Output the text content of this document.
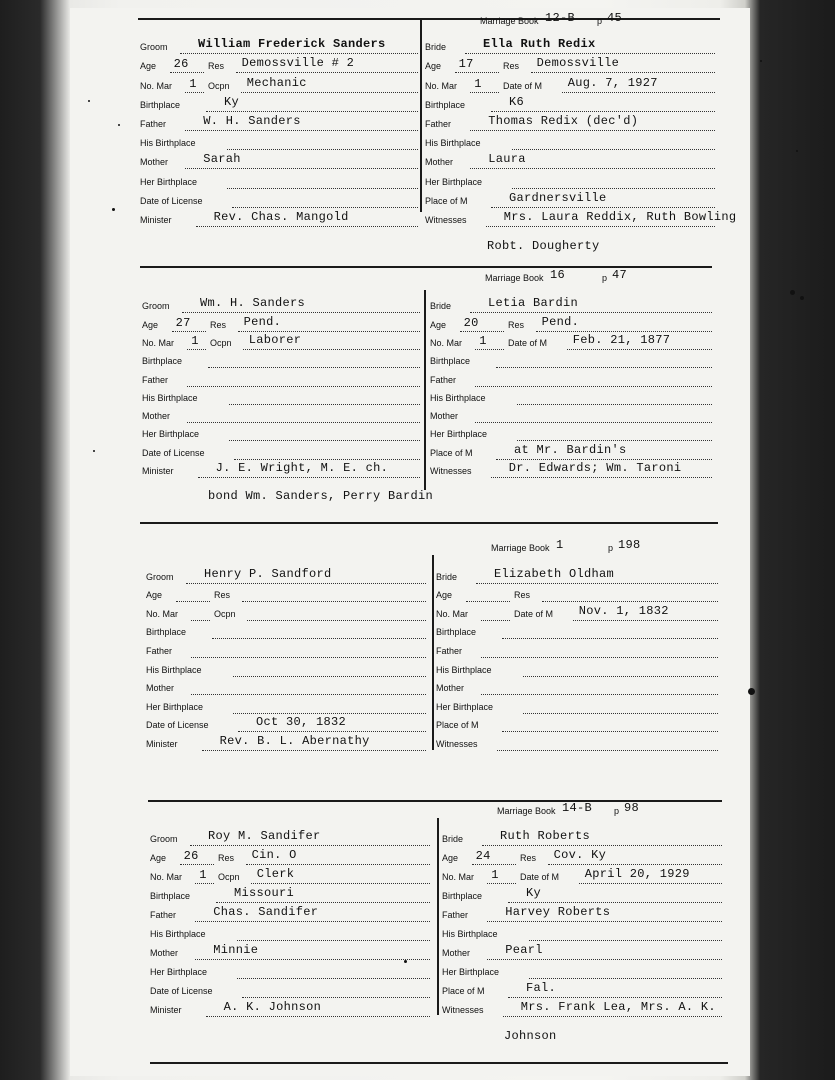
Marriage Book 12-B p 45
Groom	William Frederick Sanders
Age 26 Res Demossville # 2
No. Mar 1 Ocpn Mechanic
Birthplace	Ky
Father	W. H. Sanders
His Birthplace
Mother	Sarah
Her Birthplace
Date of License
Minister	Rev. Chas. Mangold
Bride	Ella Ruth Redix
Age 17	Res Demossville
No. Mar 1 Date of M Aug. 7, 1927
Birthplace	K6
Father	Thomas Redix (dec'd)
His Birthplace
Mother	Laura
Her Birthplace
Place of M	Gardnersville
Witnesses	Mrs. Laura Reddix, Ruth Bowling
Robt. Dougherty
Marriage Book 16	p 47
Groom	Wm. H. Sanders
Age 27 Res Pend.
No. Mar 1 Ocpn Laborer
Birthplace
Father
His Birthplace
Mother
Her Birthplace
Date of License
Minister	J. E. Wright, M. E. ch.
Bride	Letia Bardin
Age 20	Res Pend.
No. Mar 1 Date of M Feb. 21, 1877
Birthplace
Father
His Birthplace
Mother
Her Birthplace
Place of M	at Mr. Bardin's
Witnesses	Dr. Edwards; Wm. Taroni
bond Wm. Sanders, Perry Bardin
Marriage Book 1	p 198
Groom	Henry P. Sandford
Age	Res
No. Mar	Ocpn
Birthplace
Father
His Birthplace
Mother
Her Birthplace
Date of License	Oct 30, 1832
Minister	Rev. B. L. Abernathy
Bride	Elizabeth Oldham
Age	Res
No. Mar	Date of M Nov. 1, 1832
Birthplace
Father
His Birthplace
Mother
Her Birthplace
Place of M
Witnesses
Marriage Book 14-B p 98
Groom	Roy M. Sandifer
Age 26 Res Cin. O
No. Mar 1 Ocpn Clerk
Birthplace	Missouri
Father	Chas. Sandifer
His Birthplace
Mother	Minnie
Her Birthplace
Date of License
Minister	A. K. Johnson
Bride	Ruth Roberts
Age 24	Res Cov. Ky
No. Mar 1 Date of M April 20, 1929
Birthplace	Ky
Father	Harvey Roberts
His Birthplace
Mother	Pearl
Her Birthplace
Place of M	Fal.
Witnesses	Mrs. Frank Lea, Mrs. A. K.
Johnson
